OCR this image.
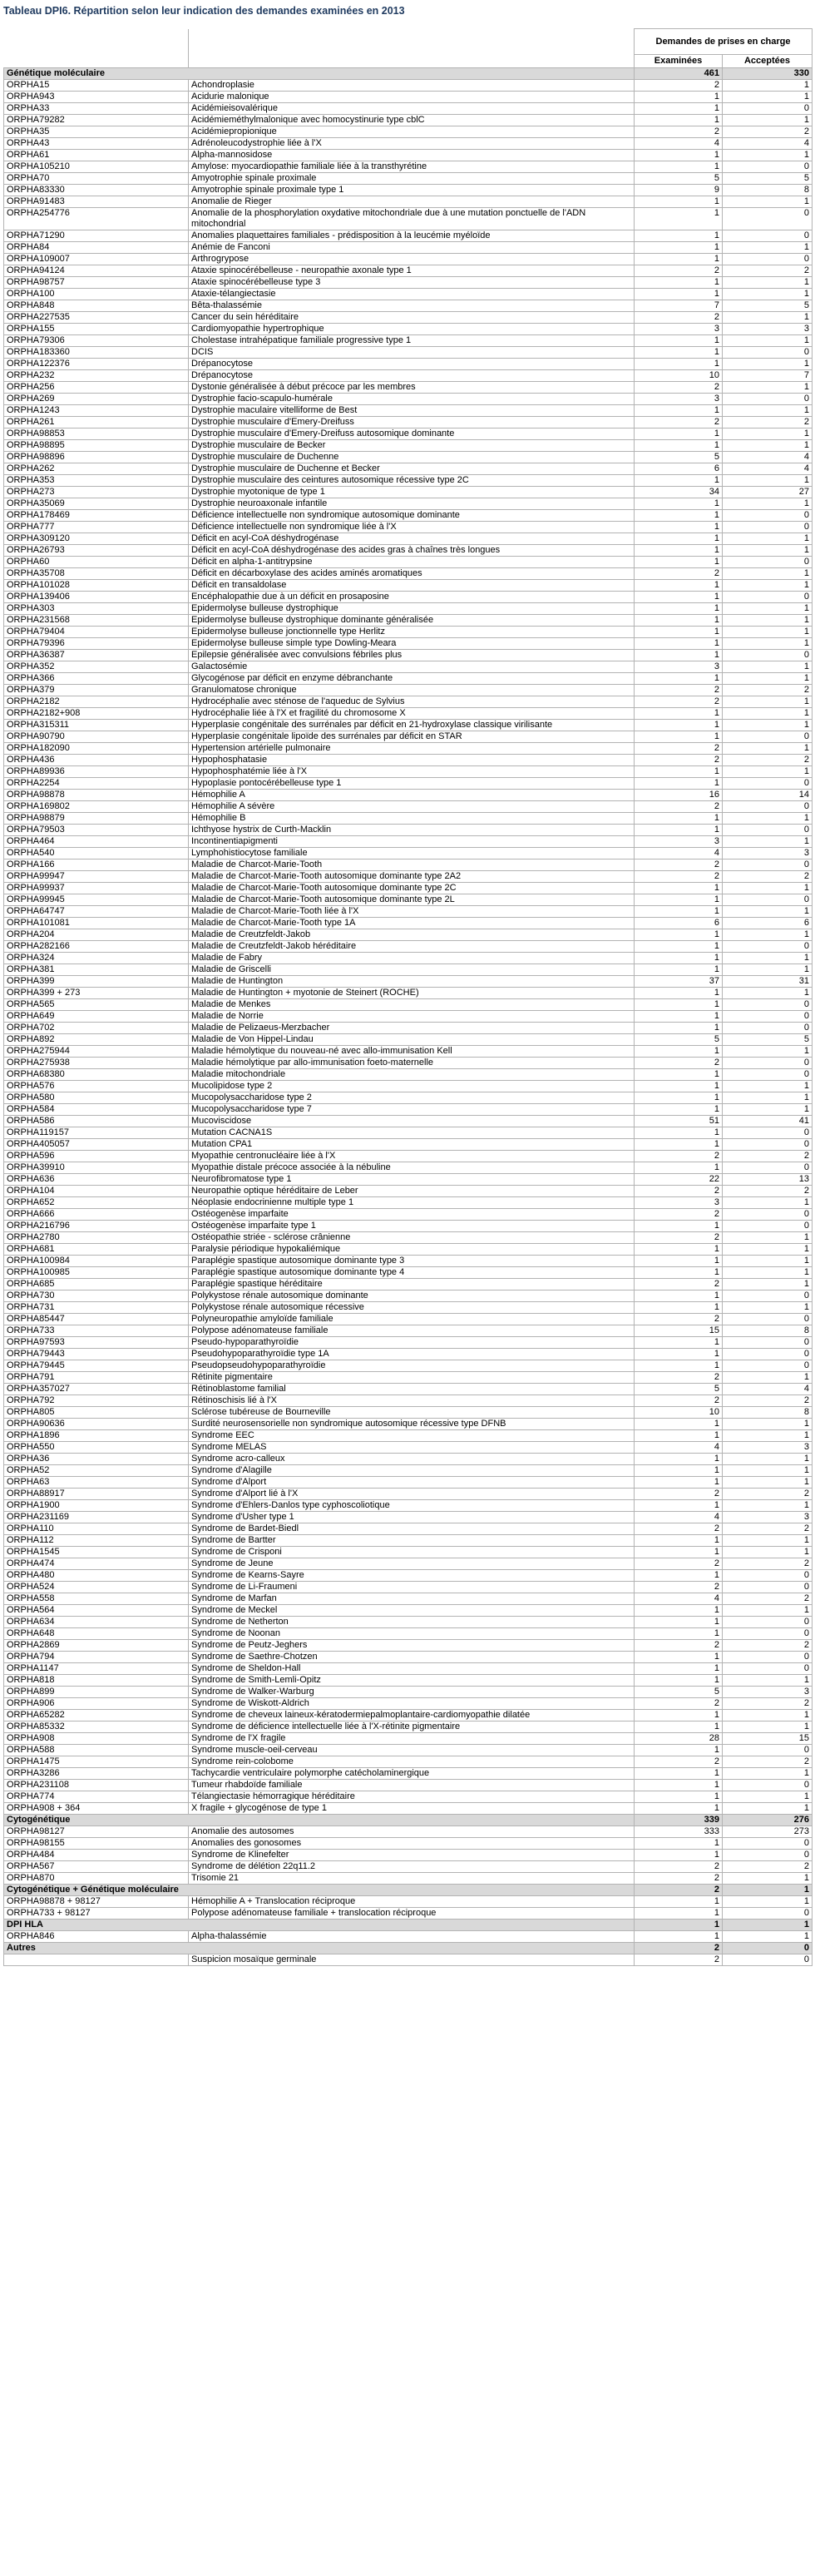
Tableau DPI6. Répartition selon leur indication des demandes examinées en 2013
		Demandes de prises en charge	
		Examinées	Acceptées
Génétique moléculaire		461	330
ORPHA15	Achondroplasie	2	1
ORPHA943	Acidurie malonique	1	1
ORPHA33	Acidémieisovalérique	1	0
ORPHA79282	Acidémieméthylmalonique avec homocystinurie type cblC	1	1
ORPHA35	Acidémiepropionique	2	2
ORPHA43	Adrénoleucodystrophie liée à l'X	4	4
ORPHA61	Alpha-mannosidose	1	1
ORPHA105210	Amylose: myocardiopathie familiale liée à la transthyrétine	1	0
ORPHA70	Amyotrophie spinale proximale	5	5
ORPHA83330	Amyotrophie spinale proximale type 1	9	8
ORPHA91483	Anomalie de Rieger	1	1
ORPHA254776	Anomalie de la phosphorylation oxydative mitochondriale due à une mutation ponctuelle de l'ADN mitochondrial	1	0
ORPHA71290	Anomalies plaquettaires familiales - prédisposition à la leucémie myéloïde	1	0
ORPHA84	Anémie de Fanconi	1	1
ORPHA109007	Arthrogrypose	1	0
ORPHA94124	Ataxie spinocérébelleuse - neuropathie axonale type 1	2	2
ORPHA98757	Ataxie spinocérébelleuse type 3	1	1
ORPHA100	Ataxie-télangiectasie	1	1
ORPHA848	Bêta-thalassémie	7	5
ORPHA227535	Cancer du sein héréditaire	2	1
ORPHA155	Cardiomyopathie hypertrophique	3	3
ORPHA79306	Cholestase intrahépatique familiale progressive type 1	1	1
ORPHA183360	DCIS	1	0
ORPHA122376	Drépanocytose	1	1
ORPHA232	Drépanocytose	10	7
ORPHA256	Dystonie généralisée à début précoce par les membres	2	1
ORPHA269	Dystrophie facio-scapulo-humérale	3	0
ORPHA1243	Dystrophie maculaire vitelliforme de Best	1	1
ORPHA261	Dystrophie musculaire d'Emery-Dreifuss	2	2
ORPHA98853	Dystrophie musculaire d'Emery-Dreifuss autosomique dominante	1	1
ORPHA98895	Dystrophie musculaire de Becker	1	1
ORPHA98896	Dystrophie musculaire de Duchenne	5	4
ORPHA262	Dystrophie musculaire de Duchenne et Becker	6	4
ORPHA353	Dystrophie musculaire des ceintures autosomique récessive type 2C	1	1
ORPHA273	Dystrophie myotonique de type 1	34	27
ORPHA35069	Dystrophie neuroaxonale infantile	1	1
ORPHA178469	Déficience intellectuelle non syndromique autosomique dominante	1	0
ORPHA777	Déficience intellectuelle non syndromique liée à l'X	1	0
ORPHA309120	Déficit en acyl-CoA déshydrogénase	1	1
ORPHA26793	Déficit en acyl-CoA déshydrogénase des acides gras à chaînes très longues	1	1
ORPHA60	Déficit en alpha-1-antitrypsine	1	0
ORPHA35708	Déficit en décarboxylase des acides aminés aromatiques	2	1
ORPHA101028	Déficit en transaldolase	1	1
ORPHA139406	Encéphalopathie due à un déficit en prosaposine	1	0
ORPHA303	Epidermolyse bulleuse dystrophique	1	1
ORPHA231568	Epidermolyse bulleuse dystrophique dominante généralisée	1	1
ORPHA79404	Epidermolyse bulleuse jonctionnelle type Herlitz	1	1
ORPHA79396	Epidermolyse bulleuse simple type Dowling-Meara	1	1
ORPHA36387	Epilepsie généralisée avec convulsions fébriles plus	1	0
ORPHA352	Galactosémie	3	1
ORPHA366	Glycogénose par déficit en enzyme débranchante	1	1
ORPHA379	Granulomatose chronique	2	2
ORPHA2182	Hydrocéphalie avec sténose de l'aqueduc de Sylvius	2	1
ORPHA2182+908	Hydrocéphalie liée à l'X et fragilité du chromosome X	1	1
ORPHA315311	Hyperplasie congénitale des surrénales par déficit en 21-hydroxylase classique virilisante	1	1
ORPHA90790	Hyperplasie congénitale lipoïde des surrénales par déficit en STAR	1	0
ORPHA182090	Hypertension artérielle pulmonaire	2	1
ORPHA436	Hypophosphatasie	2	2
ORPHA89936	Hypophosphatémie liée à l'X	1	1
ORPHA2254	Hypoplasie pontocérébelleuse type 1	1	0
ORPHA98878	Hémophilie A	16	14
ORPHA169802	Hémophilie A sévère	2	0
ORPHA98879	Hémophilie B	1	1
ORPHA79503	Ichthyose hystrix de Curth-Macklin	1	0
ORPHA464	Incontinentiapigmenti	3	1
ORPHA540	Lymphohistiocytose familiale	4	3
ORPHA166	Maladie de Charcot-Marie-Tooth	2	0
ORPHA99947	Maladie de Charcot-Marie-Tooth autosomique dominante type 2A2	2	2
ORPHA99937	Maladie de Charcot-Marie-Tooth autosomique dominante type 2C	1	1
ORPHA99945	Maladie de Charcot-Marie-Tooth autosomique dominante type 2L	1	0
ORPHA64747	Maladie de Charcot-Marie-Tooth liée à l'X	1	1
ORPHA101081	Maladie de Charcot-Marie-Tooth type 1A	6	6
ORPHA204	Maladie de Creutzfeldt-Jakob	1	1
ORPHA282166	Maladie de Creutzfeldt-Jakob héréditaire	1	0
ORPHA324	Maladie de Fabry	1	1
ORPHA381	Maladie de Griscelli	1	1
ORPHA399	Maladie de Huntington	37	31
ORPHA399 + 273	Maladie de Huntington + myotonie de Steinert (ROCHE)	1	1
ORPHA565	Maladie de Menkes	1	0
ORPHA649	Maladie de Norrie	1	0
ORPHA702	Maladie de Pelizaeus-Merzbacher	1	0
ORPHA892	Maladie de Von Hippel-Lindau	5	5
ORPHA275944	Maladie hémolytique du nouveau-né avec allo-immunisation Kell	1	1
ORPHA275938	Maladie hémolytique par allo-immunisation foeto-maternelle	2	0
ORPHA68380	Maladie mitochondriale	1	0
ORPHA576	Mucolipidose type 2	1	1
ORPHA580	Mucopolysaccharidose type 2	1	1
ORPHA584	Mucopolysaccharidose type 7	1	1
ORPHA586	Mucoviscidose	51	41
ORPHA119157	Mutation CACNA1S	1	0
ORPHA405057	Mutation CPA1	1	0
ORPHA596	Myopathie centronucléaire liée à l'X	2	2
ORPHA39910	Myopathie distale précoce associée à la nébuline	1	0
ORPHA636	Neurofibromatose type 1	22	13
ORPHA104	Neuropathie optique héréditaire de Leber	2	2
ORPHA652	Néoplasie endocrinienne multiple type 1	3	1
ORPHA666	Ostéogenèse imparfaite	2	0
ORPHA216796	Ostéogenèse imparfaite type 1	1	0
ORPHA2780	Ostéopathie striée - sclérose crânienne	2	1
ORPHA681	Paralysie périodique hypokaliémique	1	1
ORPHA100984	Paraplégie spastique autosomique dominante type 3	1	1
ORPHA100985	Paraplégie spastique autosomique dominante type 4	1	1
ORPHA685	Paraplégie spastique héréditaire	2	1
ORPHA730	Polykystose rénale autosomique dominante	1	0
ORPHA731	Polykystose rénale autosomique récessive	1	1
ORPHA85447	Polyneuropathie amyloïde familiale	2	0
ORPHA733	Polypose adénomateuse familiale	15	8
ORPHA97593	Pseudo-hypoparathyroïdie	1	0
ORPHA79443	Pseudohypoparathyroïdie type 1A	1	0
ORPHA79445	Pseudopseudohypoparathyroïdie	1	0
ORPHA791	Rétinite pigmentaire	2	1
ORPHA357027	Rétinoblastome familial	5	4
ORPHA792	Rétinoschisis lié à l'X	2	2
ORPHA805	Sclérose tubéreuse de Bourneville	10	8
ORPHA90636	Surdité neurosensorielle non syndromique autosomique récessive type DFNB	1	1
ORPHA1896	Syndrome EEC	1	1
ORPHA550	Syndrome MELAS	4	3
ORPHA36	Syndrome acro-calleux	1	1
ORPHA52	Syndrome d'Alagille	1	1
ORPHA63	Syndrome d'Alport	1	1
ORPHA88917	Syndrome d'Alport lié à l'X	2	2
ORPHA1900	Syndrome d'Ehlers-Danlos type cyphoscoliotique	1	1
ORPHA231169	Syndrome d'Usher type 1	4	3
ORPHA110	Syndrome de Bardet-Biedl	2	2
ORPHA112	Syndrome de Bartter	1	1
ORPHA1545	Syndrome de Crisponi	1	1
ORPHA474	Syndrome de Jeune	2	2
ORPHA480	Syndrome de Kearns-Sayre	1	0
ORPHA524	Syndrome de Li-Fraumeni	2	0
ORPHA558	Syndrome de Marfan	4	2
ORPHA564	Syndrome de Meckel	1	1
ORPHA634	Syndrome de Netherton	1	0
ORPHA648	Syndrome de Noonan	1	0
ORPHA2869	Syndrome de Peutz-Jeghers	2	2
ORPHA794	Syndrome de Saethre-Chotzen	1	0
ORPHA1147	Syndrome de Sheldon-Hall	1	0
ORPHA818	Syndrome de Smith-Lemli-Opitz	1	1
ORPHA899	Syndrome de Walker-Warburg	5	3
ORPHA906	Syndrome de Wiskott-Aldrich	2	2
ORPHA65282	Syndrome de cheveux laineux-kératodermiepalmoplantaire-cardiomyopathie dilatée	1	1
ORPHA85332	Syndrome de déficience intellectuelle liée à l'X-rétinite pigmentaire	1	1
ORPHA908	Syndrome de l'X fragile	28	15
ORPHA588	Syndrome muscle-oeil-cerveau	1	0
ORPHA1475	Syndrome rein-colobome	2	2
ORPHA3286	Tachycardie ventriculaire polymorphe catécholaminergique	1	1
ORPHA231108	Tumeur rhabdoïde familiale	1	0
ORPHA774	Télangiectasie hémorragique héréditaire	1	1
ORPHA908 + 364	X fragile + glycogénose de type 1	1	1
Cytogénétique		339	276
ORPHA98127	Anomalie des autosomes	333	273
ORPHA98155	Anomalies des gonosomes	1	0
ORPHA484	Syndrome de Klinefelter	1	0
ORPHA567	Syndrome de délétion 22q11.2	2	2
ORPHA870	Trisomie 21	2	1
Cytogénétique + Génétique moléculaire		2	1
ORPHA98878 + 98127	Hémophilie A + Translocation réciproque	1	1
ORPHA733 + 98127	Polypose adénomateuse familiale + translocation réciproque	1	0
DPI HLA		1	1
ORPHA846	Alpha-thalassémie	1	1
Autres		2	0
	Suspicion mosaïque germinale	2	0
